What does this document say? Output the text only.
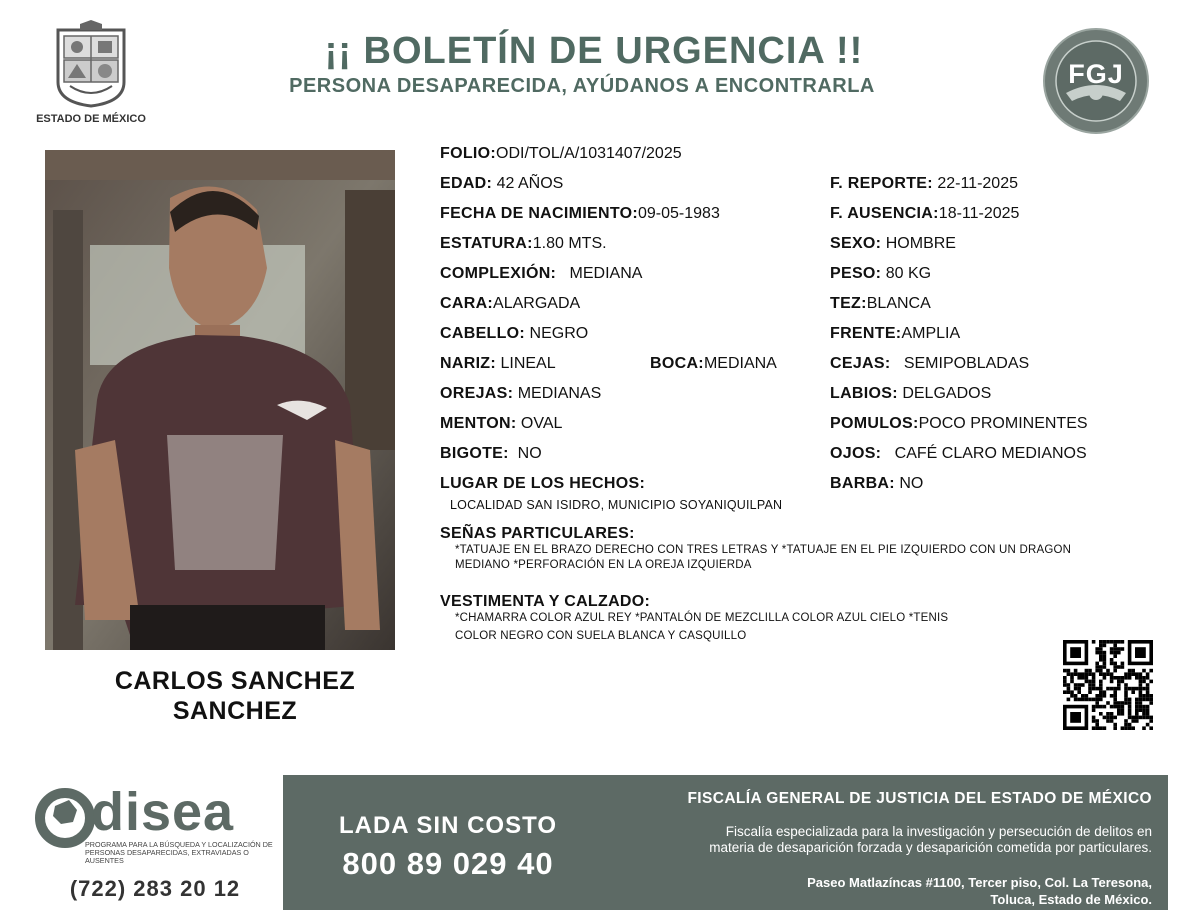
ESTADO DE MÉXICO
¡¡ BOLETÍN DE URGENCIA !!
PERSONA DESAPARECIDA, AYÚDANOS A ENCONTRARLA	FGJ
CARLOS SANCHEZ
SANCHEZ
FOLIO:ODI/TOL/A/1031407/2025
EDAD: 42 AÑOS
FECHA DE NACIMIENTO:09-05-1983
ESTATURA:1.80 MTS.
COMPLEXIÓN: MEDIANA
CARA:ALARGADA
CABELLO: NEGRO
NARIZ: LINEAL	BOCA:MEDIANA
OREJAS: MEDIANAS
MENTON: OVAL
BIGOTE: NO
LUGAR DE LOS HECHOS:
LOCALIDAD SAN ISIDRO, MUNICIPIO SOYANIQUILPAN
F. REPORTE: 22-11-2025
F. AUSENCIA:18-11-2025
SEXO: HOMBRE
PESO: 80 KG
TEZ:BLANCA
FRENTE:AMPLIA
CEJAS: SEMIPOBLADAS
LABIOS: DELGADOS
POMULOS:POCO PROMINENTES
OJOS: CAFÉ CLARO MEDIANOS
BARBA: NO
SEÑAS PARTICULARES:
*TATUAJE EN EL BRAZO DERECHO CON TRES LETRAS Y *TATUAJE EN EL PIE IZQUIERDO CON UN DRAGON
MEDIANO *PERFORACIÓN EN LA OREJA IZQUIERDA
VESTIMENTA Y CALZADO:
*CHAMARRA COLOR AZUL REY *PANTALÓN DE MEZCLILLA COLOR AZUL CIELO *TENIS
COLOR NEGRO CON SUELA BLANCA Y CASQUILLO
disea
PROGRAMA PARA LA BÚSQUEDA Y LOCALIZACIÓN DE PERSONAS DESAPARECIDAS, EXTRAVIADAS O AUSENTES
(722) 283 20 12
LADA SIN COSTO
800 89 029 40
FISCALÍA GENERAL DE JUSTICIA DEL ESTADO DE MÉXICO
Fiscalía especializada para la investigación y persecución de delitos en
materia de desaparición forzada y desaparición cometida por particulares.
Paseo Matlazíncas #1100, Tercer piso, Col. La Teresona,
Toluca, Estado de México.
